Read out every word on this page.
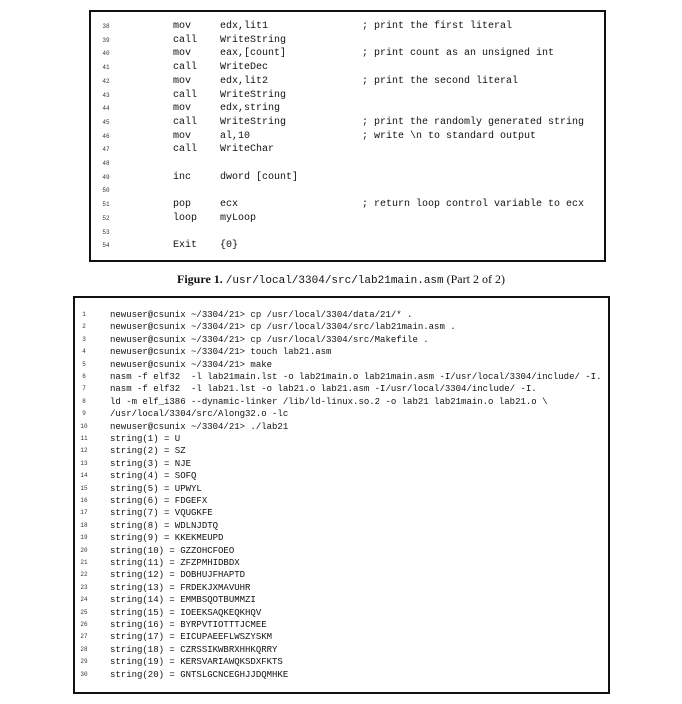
38	mov	edx,lit1	; print the first literal
39	call WriteString
40	mov	eax,[count]	; print count as an unsigned int
41	call WriteDec
42	mov	edx,lit2	; print the second literal
43	call WriteString
44	mov	edx,string
45	call WriteString	; print the randomly generated string
46	mov	al,10	; write \n to standard output
47	call WriteChar
48
49	inc	dword [count]
50
51	pop	ecx	; return loop control variable to ecx
52	loop myLoop
53
54	Exit {0}
Figure 1. /usr/local/3304/src/lab21main.asm (Part 2 of 2)
1	newuser@csunix ~/3304/21> cp /usr/local/3304/data/21/* .
2	newuser@csunix ~/3304/21> cp /usr/local/3304/src/lab21main.asm .
3	newuser@csunix ~/3304/21> cp /usr/local/3304/src/Makefile .
4	newuser@csunix ~/3304/21> touch lab21.asm
5	newuser@csunix ~/3304/21> make
6	nasm -f elf32  -l lab21main.lst -o lab21main.o lab21main.asm -I/usr/local/3304/include/ -I.
7	nasm -f elf32  -l lab21.lst -o lab21.o lab21.asm -I/usr/local/3304/include/ -I.
8	ld -m elf_i386 --dynamic-linker /lib/ld-linux.so.2 -o lab21 lab21main.o lab21.o \
9	/usr/local/3304/src/Along32.o -lc
10	newuser@csunix ~/3304/21> ./lab21
11	string(1) = U
12	string(2) = SZ
13	string(3) = NJE
14	string(4) = SOFQ
15	string(5) = UPWYL
16	string(6) = FDGEFX
17	string(7) = VQUGKFE
18	string(8) = WDLNJDTQ
19	string(9) = KKEKMEUPD
20	string(10) = GZZOHCFOEO
21	string(11) = ZFZPMHIDBDX
22	string(12) = DOBHUJFHAPTD
23	string(13) = FRDEKJXMAVUHR
24	string(14) = EMMBSQOTBUMMZI
25	string(15) = IOEEKSAQKEQKHQV
26	string(16) = BYRPVTIOTTTJCMEE
27	string(17) = EICUPAEEFLWSZYSKM
28	string(18) = CZRSSIKWBRXHHKQRRY
29	string(19) = KERSVARIAWQKSDXFKTS
30	string(20) = GNTSLGCNCEGHJJDQMHKE
